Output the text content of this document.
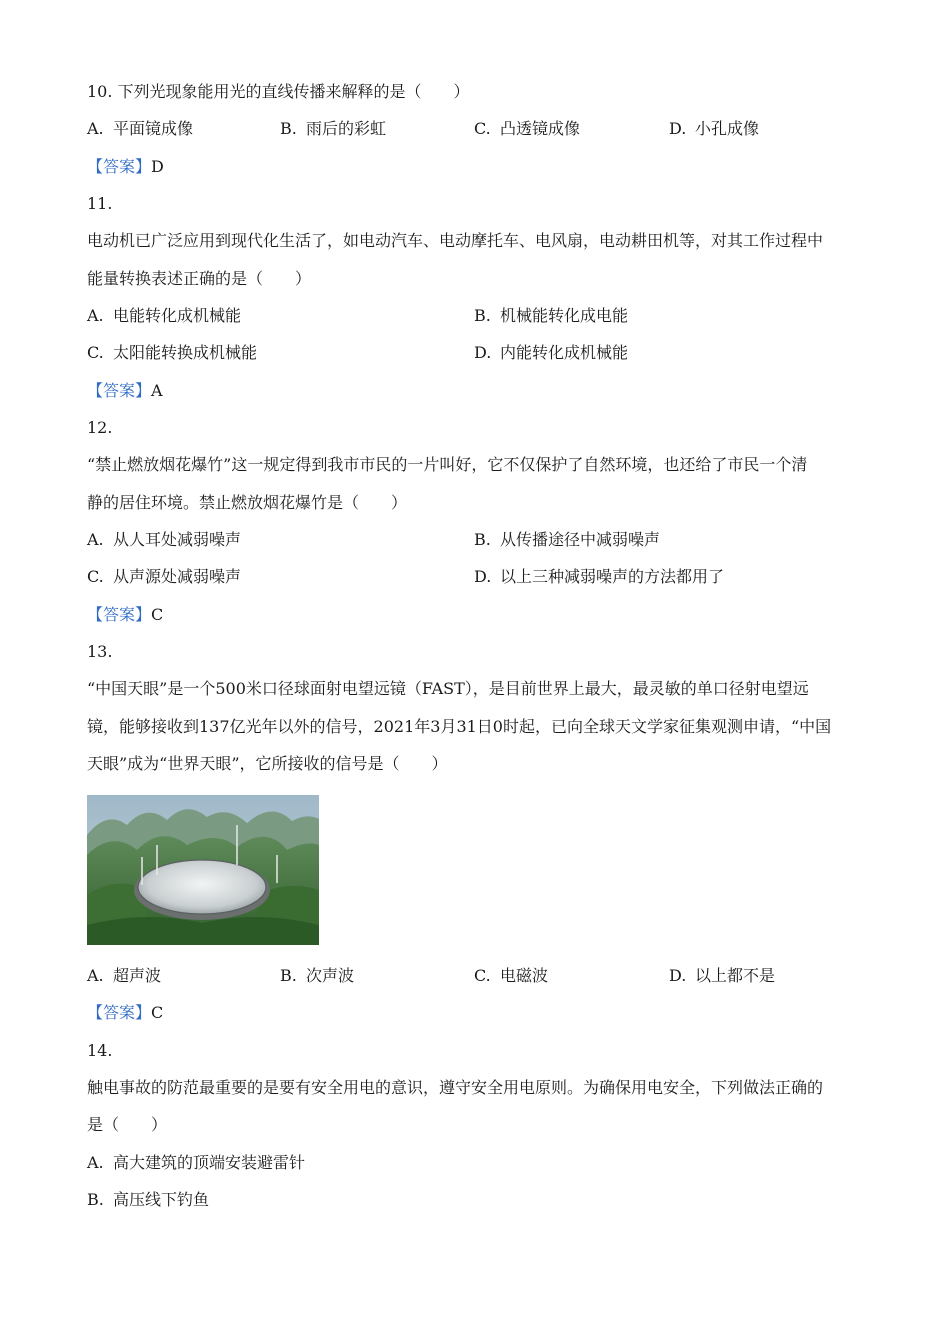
10. 下列光现象能用光的直线传播来解释的是（　　）
A. 平面镜成像	B. 雨后的彩虹	C. 凸透镜成像	D. 小孔成像
【答案】D
11.
电动机已广泛应用到现代化生活了，如电动汽车、电动摩托车、电风扇，电动耕田机等，对其工作过程中
能量转换表述正确的是（　　）
A. 电能转化成机械能	B. 机械能转化成电能
C. 太阳能转换成机械能	D. 内能转化成机械能
【答案】A
12.
“禁止燃放烟花爆竹”这一规定得到我市市民的一片叫好，它不仅保护了自然环境，也还给了市民一个清
静的居住环境。禁止燃放烟花爆竹是（　　）
A. 从人耳处减弱噪声	B. 从传播途径中减弱噪声
C. 从声源处减弱噪声	D. 以上三种减弱噪声的方法都用了
【答案】C
13.
“中国天眼”是一个500米口径球面射电望远镜（FAST），是目前世界上最大，最灵敏的单口径射电望远
镜，能够接收到137亿光年以外的信号，2021年3月31日0时起，已向全球天文学家征集观测申请，“中国
天眼”成为“世界天眼”，它所接收的信号是（　　）
A. 超声波	B. 次声波	C. 电磁波	D. 以上都不是
【答案】C
14.
触电事故的防范最重要的是要有安全用电的意识，遵守安全用电原则。为确保用电安全，下列做法正确的
是（　　）
A. 高大建筑的顶端安装避雷针
B. 高压线下钓鱼
